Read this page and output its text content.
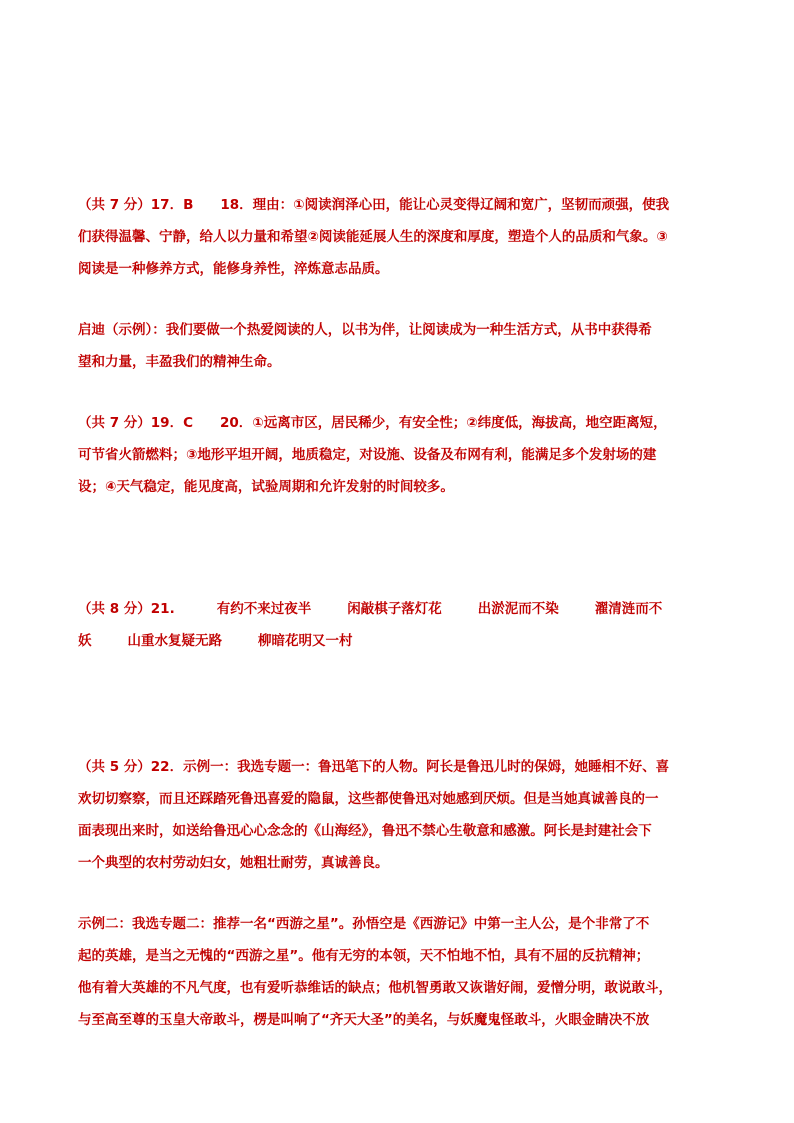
（共 7 分）17．B　　18．理由：①阅读润泽心田，能让心灵变得辽阔和宽广，坚韧而顽强，使我
们获得温馨、宁静，给人以力量和希望②阅读能延展人生的深度和厚度，塑造个人的品质和气象。③
阅读是一种修养方式，能修身养性，淬炼意志品质。
启迪（示例）：我们要做一个热爱阅读的人，以书为伴，让阅读成为一种生活方式，从书中获得希
望和力量，丰盈我们的精神生命。
（共 7 分）19．C　　20．①远离市区，居民稀少，有安全性；②纬度低，海拔高，地空距离短，
可节省火箭燃料；③地形平坦开阔，地质稳定，对设施、设备及布网有利，能满足多个发射场的建
设；④天气稳定，能见度高，试验周期和允许发射的时间较多。
（共 8 分）21.	有约不来过夜半	闲敲棋子落灯花	出淤泥而不染	濯清涟而不
妖	山重水复疑无路	柳暗花明又一村
（共 5 分）22．示例一：我选专题一：鲁迅笔下的人物。阿长是鲁迅儿时的保姆，她睡相不好、喜
欢切切察察，而且还踩踏死鲁迅喜爱的隐鼠，这些都使鲁迅对她感到厌烦。但是当她真诚善良的一
面表现出来时，如送给鲁迅心心念念的《山海经》，鲁迅不禁心生敬意和感激。阿长是封建社会下
一个典型的农村劳动妇女，她粗壮耐劳，真诚善良。
示例二：我选专题二：推荐一名“西游之星”。孙悟空是《西游记》中第一主人公，是个非常了不
起的英雄，是当之无愧的“西游之星”。他有无穷的本领，天不怕地不怕，具有不屈的反抗精神；
他有着大英雄的不凡气度，也有爱听恭维话的缺点；他机智勇敢又诙谐好闹，爱憎分明，敢说敢斗，
与至高至尊的玉皇大帝敢斗，楞是叫响了“齐天大圣”的美名，与妖魔鬼怪敢斗，火眼金睛决不放
